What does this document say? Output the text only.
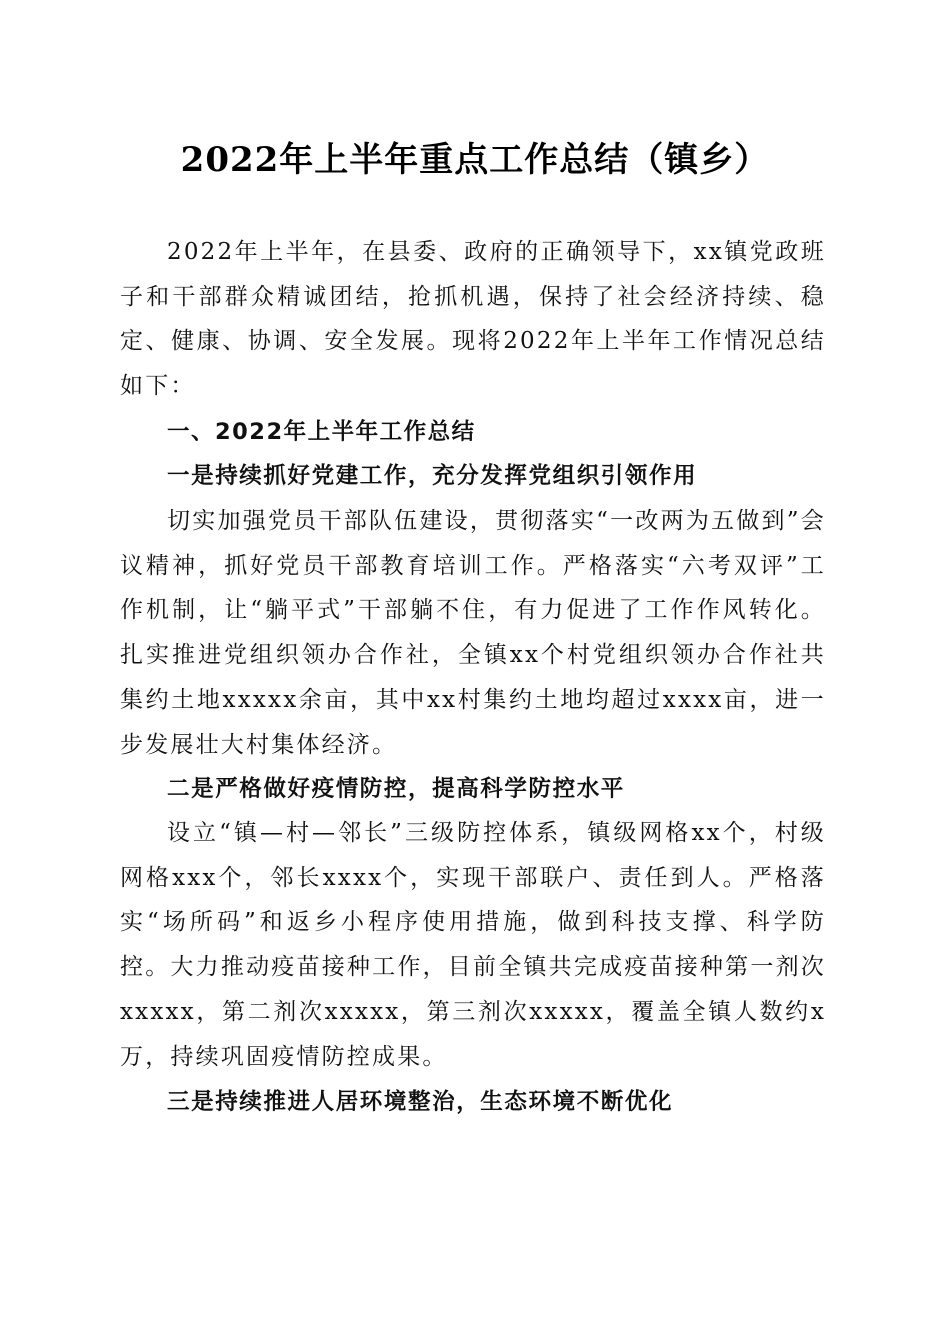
2022年上半年重点工作总结（镇乡）

2022年上半年，在县委、政府的正确领导下，xx镇党政班子和干部群众精诚团结，抢抓机遇，保持了社会经济持续、稳定、健康、协调、安全发展。现将2022年上半年工作情况总结如下：

一、2022年上半年工作总结

一是持续抓好党建工作，充分发挥党组织引领作用

切实加强党员干部队伍建设，贯彻落实“一改两为五做到”会议精神，抓好党员干部教育培训工作。严格落实“六考双评”工作机制，让“躺平式”干部躺不住，有力促进了工作作风转化。扎实推进党组织领办合作社，全镇xx个村党组织领办合作社共集约土地xxxxx余亩，其中xx村集约土地均超过xxxx亩，进一步发展壮大村集体经济。

二是严格做好疫情防控，提高科学防控水平

设立“镇—村—邻长”三级防控体系，镇级网格xx个，村级网格xxx个，邻长xxxx个，实现干部联户、责任到人。严格落实“场所码”和返乡小程序使用措施，做到科技支撑、科学防控。大力推动疫苗接种工作，目前全镇共完成疫苗接种第一剂次xxxxx，第二剂次xxxxx，第三剂次xxxxx，覆盖全镇人数约x万，持续巩固疫情防控成果。

三是持续推进人居环境整治，生态环境不断优化
